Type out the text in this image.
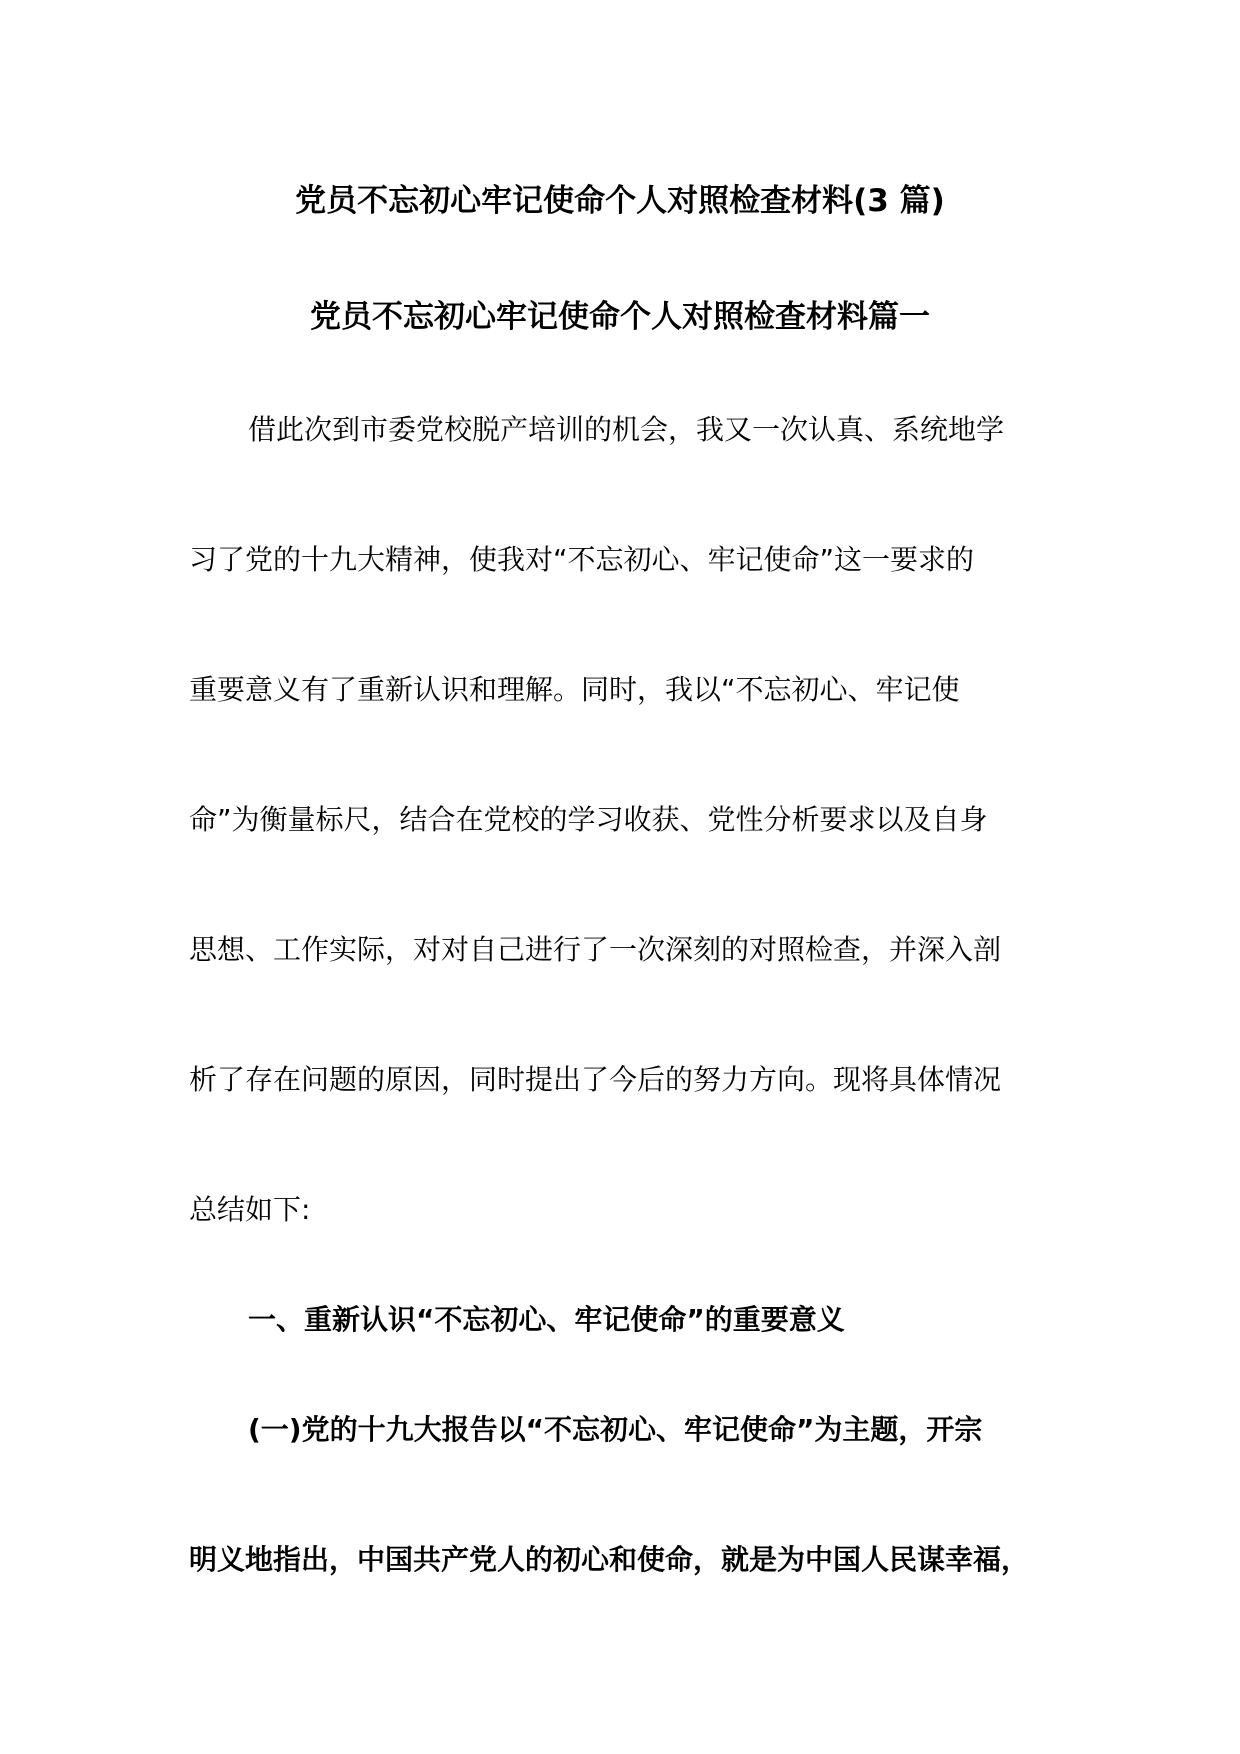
党员不忘初心牢记使命个人对照检查材料(3 篇)
党员不忘初心牢记使命个人对照检查材料篇一
借此次到市委党校脱产培训的机会，我又一次认真、系统地学
习了党的十九大精神，使我对“不忘初心、牢记使命”这一要求的
重要意义有了重新认识和理解。同时，我以“不忘初心、牢记使
命”为衡量标尺，结合在党校的学习收获、党性分析要求以及自身
思想、工作实际，对对自己进行了一次深刻的对照检查，并深入剖
析了存在问题的原因，同时提出了今后的努力方向。现将具体情况
总结如下:
一、重新认识“不忘初心、牢记使命”的重要意义
(一)党的十九大报告以“不忘初心、牢记使命”为主题，开宗
明义地指出，中国共产党人的初心和使命，就是为中国人民谋幸福，
